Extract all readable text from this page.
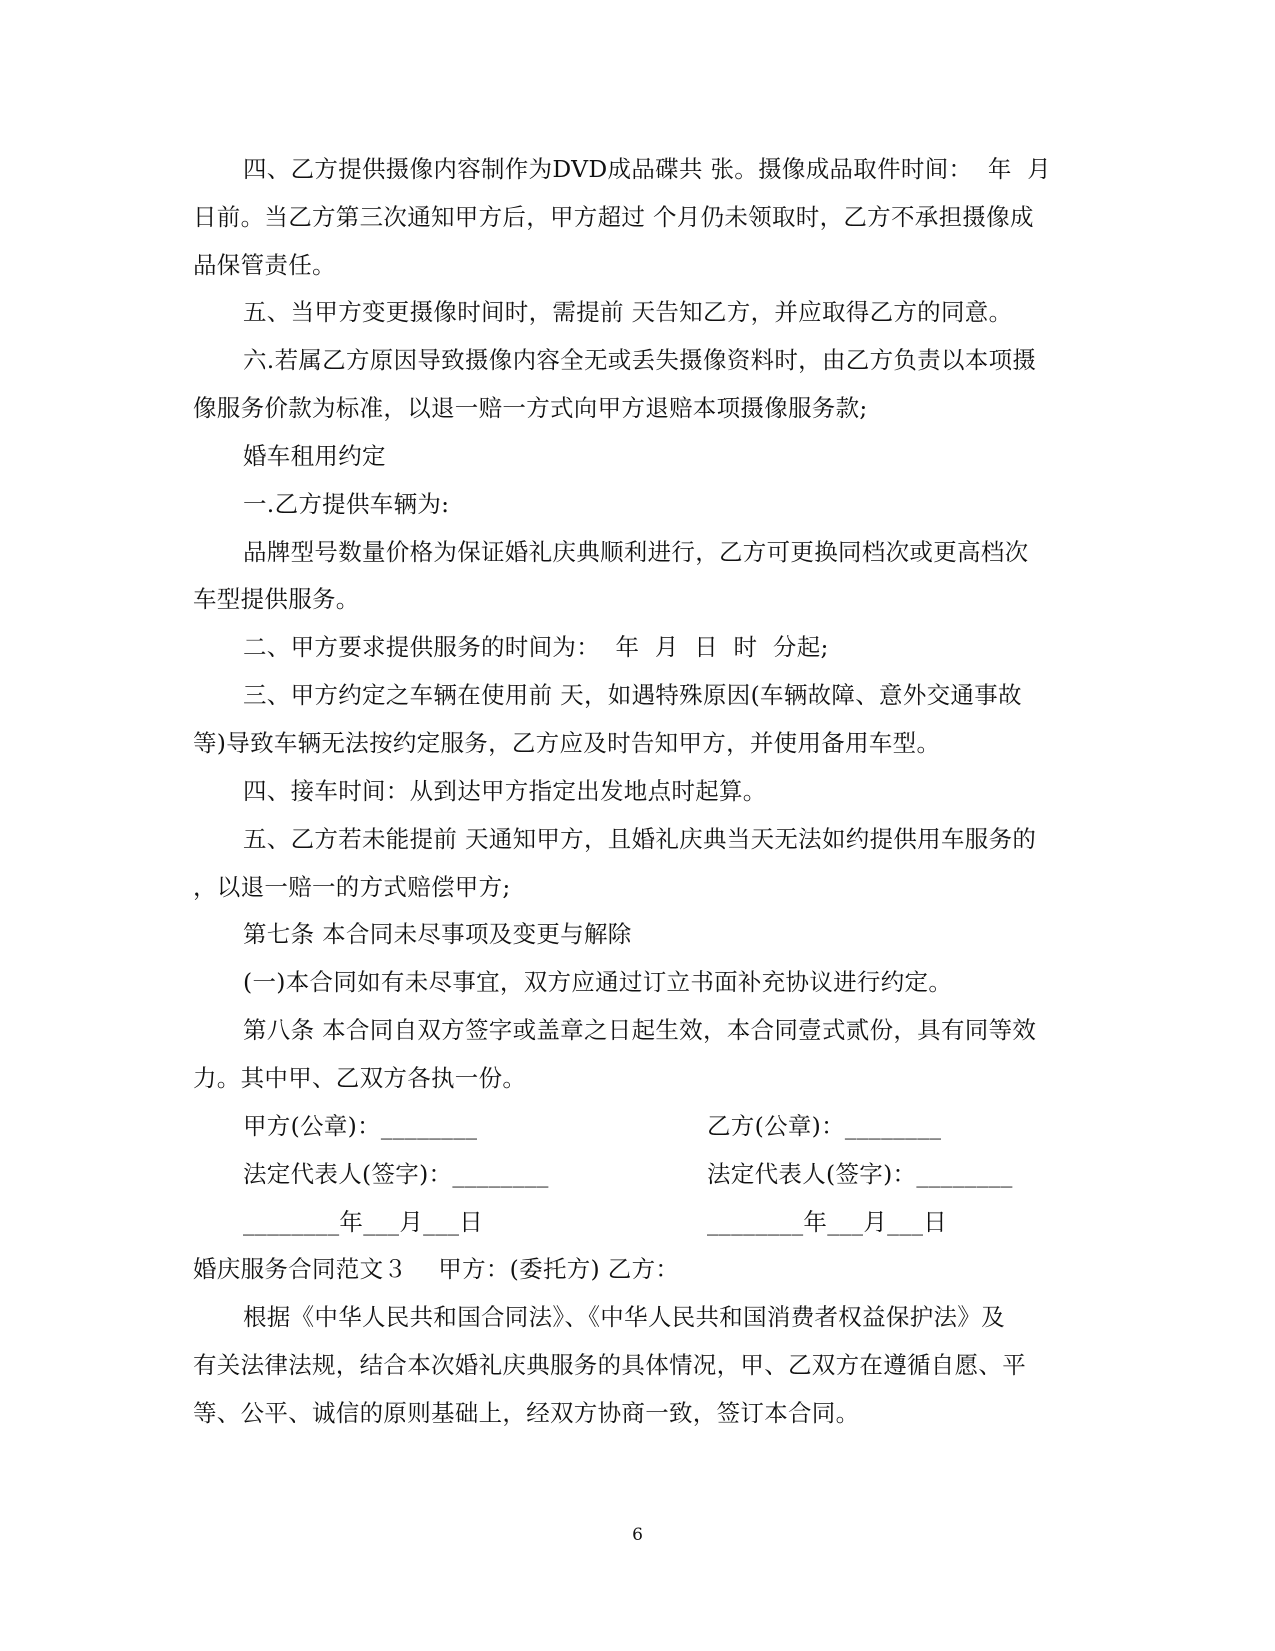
四、乙方提供摄像内容制作为DVD成品碟共 张。摄像成品取件时间：  年  月
日前。当乙方第三次通知甲方后，甲方超过 个月仍未领取时，乙方不承担摄像成
品保管责任。
五、当甲方变更摄像时间时，需提前 天告知乙方，并应取得乙方的同意。
六.若属乙方原因导致摄像内容全无或丢失摄像资料时，由乙方负责以本项摄
像服务价款为标准，以退一赔一方式向甲方退赔本项摄像服务款;
婚车租用约定
一.乙方提供车辆为:
品牌型号数量价格为保证婚礼庆典顺利进行，乙方可更换同档次或更高档次
车型提供服务。
二、甲方要求提供服务的时间为：  年  月  日  时  分起;
三、甲方约定之车辆在使用前 天，如遇特殊原因(车辆故障、意外交通事故
等)导致车辆无法按约定服务，乙方应及时告知甲方，并使用备用车型。
四、接车时间：从到达甲方指定出发地点时起算。
五、乙方若未能提前 天通知甲方，且婚礼庆典当天无法如约提供用车服务的
，以退一赔一的方式赔偿甲方;
第七条 本合同未尽事项及变更与解除
(一)本合同如有未尽事宜，双方应通过订立书面补充协议进行约定。
第八条 本合同自双方签字或盖章之日起生效，本合同壹式贰份，具有同等效
力。其中甲、乙双方各执一份。
甲方(公章)：________	乙方(公章)：________
法定代表人(签字)：________	法定代表人(签字)：________
________年___月___日	________年___月___日
婚庆服务合同范文３    甲方：(委托方) 乙方：
根据《中华人民共和国合同法》、《中华人民共和国消费者权益保护法》及
有关法律法规，结合本次婚礼庆典服务的具体情况，甲、乙双方在遵循自愿、平
等、公平、诚信的原则基础上，经双方协商一致，签订本合同。
6
